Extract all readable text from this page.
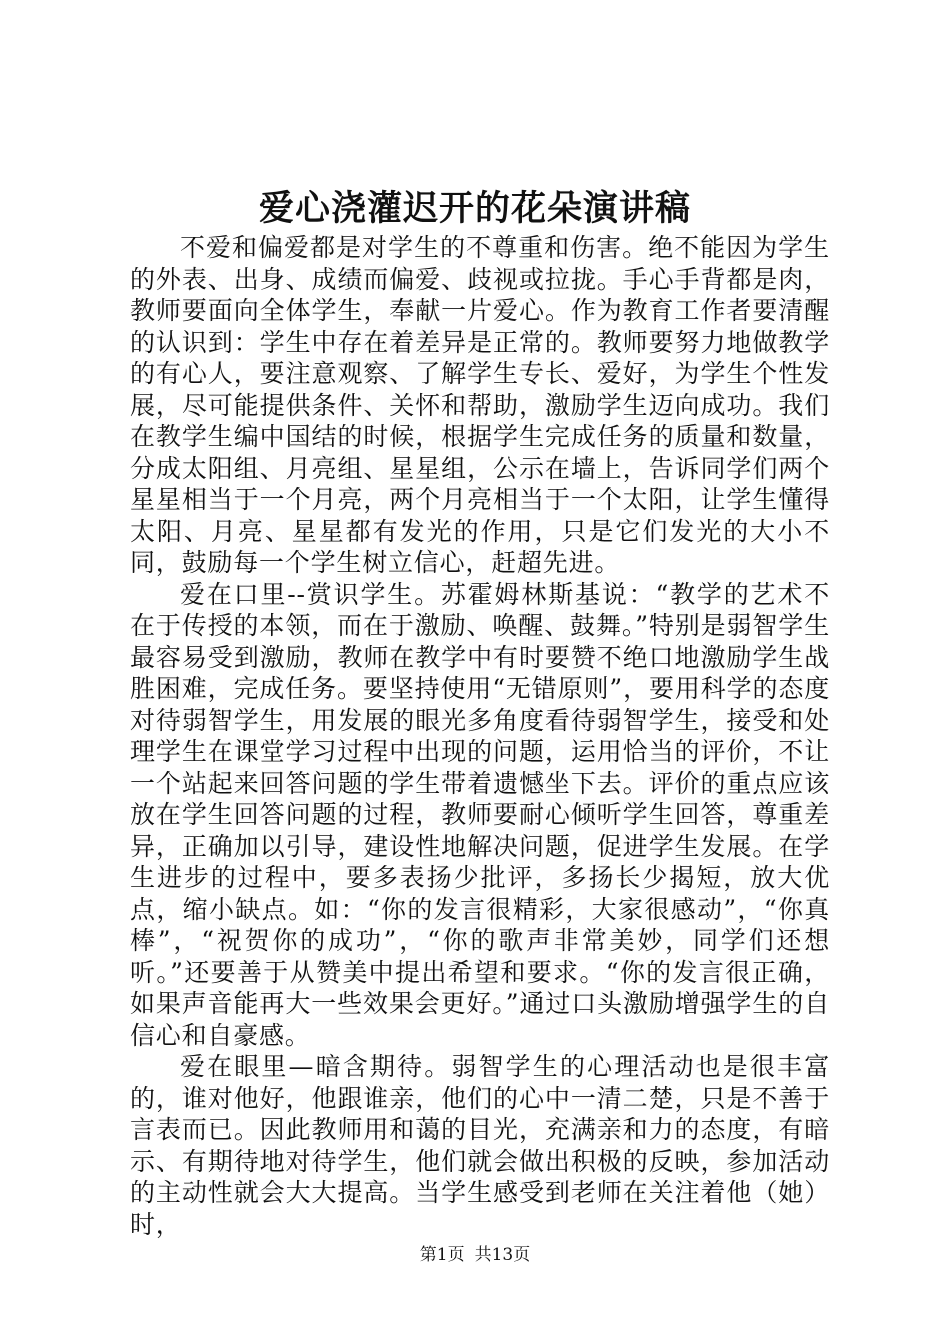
爱心浇灌迟开的花朵演讲稿

不爱和偏爱都是对学生的不尊重和伤害。绝不能因为学生的外表、出身、成绩而偏爱、歧视或拉拢。手心手背都是肉，教师要面向全体学生，奉献一片爱心。作为教育工作者要清醒的认识到：学生中存在着差异是正常的。教师要努力地做教学的有心人，要注意观察、了解学生专长、爱好，为学生个性发展，尽可能提供条件、关怀和帮助，激励学生迈向成功。我们在教学生编中国结的时候，根据学生完成任务的质量和数量，分成太阳组、月亮组、星星组，公示在墙上，告诉同学们两个星星相当于一个月亮，两个月亮相当于一个太阳，让学生懂得太阳、月亮、星星都有发光的作用，只是它们发光的大小不同，鼓励每一个学生树立信心，赶超先进。

爱在口里--赏识学生。苏霍姆林斯基说：“教学的艺术不在于传授的本领，而在于激励、唤醒、鼓舞。”特别是弱智学生最容易受到激励，教师在教学中有时要赞不绝口地激励学生战胜困难，完成任务。要坚持使用“无错原则”，要用科学的态度对待弱智学生，用发展的眼光多角度看待弱智学生，接受和处理学生在课堂学习过程中出现的问题，运用恰当的评价，不让一个站起来回答问题的学生带着遗憾坐下去。评价的重点应该放在学生回答问题的过程，教师要耐心倾听学生回答，尊重差异，正确加以引导，建设性地解决问题，促进学生发展。在学生进步的过程中，要多表扬少批评，多扬长少揭短，放大优点，缩小缺点。如：“你的发言很精彩，大家很感动”，“你真棒”，“祝贺你的成功”，“你的歌声非常美妙，同学们还想听。”还要善于从赞美中提出希望和要求。“你的发言很正确，如果声音能再大一些效果会更好。”通过口头激励增强学生的自信心和自豪感。

爱在眼里—暗含期待。弱智学生的心理活动也是很丰富的，谁对他好，他跟谁亲，他们的心中一清二楚，只是不善于言表而已。因此教师用和蔼的目光，充满亲和力的态度，有暗示、有期待地对待学生，他们就会做出积极的反映，参加活动的主动性就会大大提高。当学生感受到老师在关注着他（她）时，

第1页 共13页
